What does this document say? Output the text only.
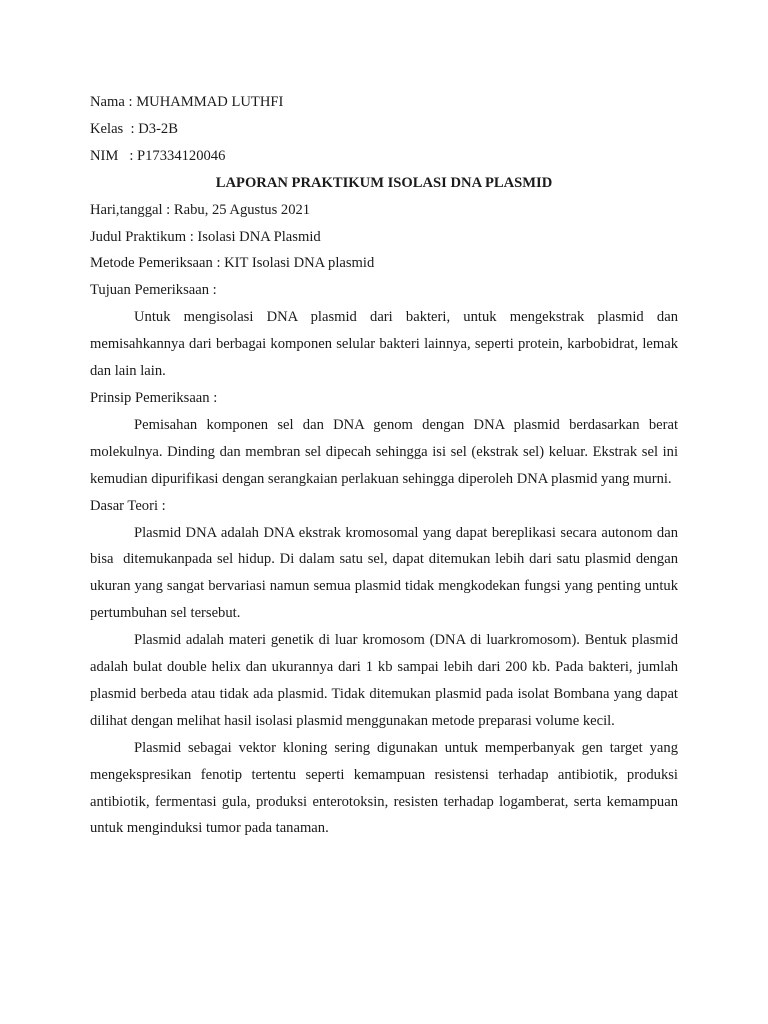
Nama : MUHAMMAD LUTHFI

Kelas  : D3-2B

NIM   : P17334120046

LAPORAN PRAKTIKUM ISOLASI DNA PLASMID

Hari,tanggal : Rabu, 25 Agustus 2021

Judul Praktikum : Isolasi DNA Plasmid

Metode Pemeriksaan : KIT Isolasi DNA plasmid

Tujuan Pemeriksaan :

Untuk mengisolasi DNA plasmid dari bakteri, untuk mengekstrak plasmid dan memisahkannya dari berbagai komponen selular bakteri lainnya, seperti protein, karbobidrat, lemak dan lain lain.

Prinsip Pemeriksaan :

Pemisahan komponen sel dan DNA genom dengan DNA plasmid berdasarkan berat molekulnya. Dinding dan membran sel dipecah sehingga isi sel (ekstrak sel) keluar. Ekstrak sel ini kemudian dipurifikasi dengan serangkaian perlakuan sehingga diperoleh DNA plasmid yang murni.

Dasar Teori :

Plasmid DNA adalah DNA ekstrak kromosomal yang dapat bereplikasi secara autonom dan bisa  ditemukanpada sel hidup. Di dalam satu sel, dapat ditemukan lebih dari satu plasmid dengan ukuran yang sangat bervariasi namun semua plasmid tidak mengkodekan fungsi yang penting untuk pertumbuhan sel tersebut.

Plasmid adalah materi genetik di luar kromosom (DNA di luarkromosom). Bentuk plasmid adalah bulat double helix dan ukurannya dari 1 kb sampai lebih dari 200 kb. Pada bakteri, jumlah plasmid berbeda atau tidak ada plasmid. Tidak ditemukan plasmid pada isolat Bombana yang dapat dilihat dengan melihat hasil isolasi plasmid menggunakan metode preparasi volume kecil.

Plasmid sebagai vektor kloning sering digunakan untuk memperbanyak gen target yang mengekspresikan fenotip tertentu seperti kemampuan resistensi terhadap antibiotik, produksi antibiotik, fermentasi gula, produksi enterotoksin, resisten terhadap logamberat, serta kemampuan untuk menginduksi tumor pada tanaman.
